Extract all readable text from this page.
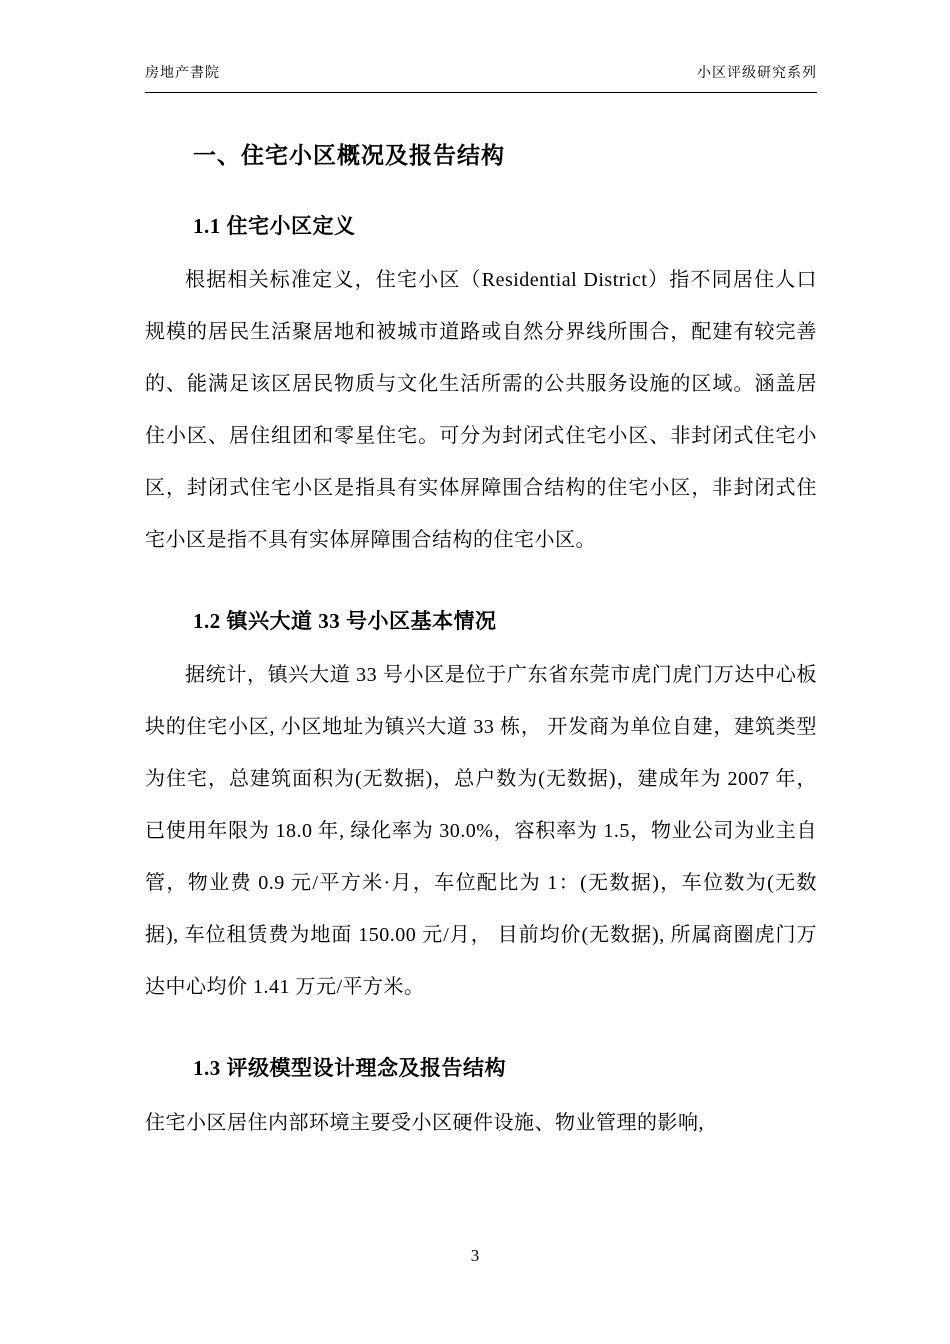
房地产書院	小区评级研究系列
一、住宅小区概况及报告结构
1.1 住宅小区定义

根据相关标准定义，住宅小区（Residential District）指不同居住人口规模的居民生活聚居地和被城市道路或自然分界线所围合，配建有较完善的、能满足该区居民物质与文化生活所需的公共服务设施的区域。涵盖居住小区、居住组团和零星住宅。可分为封闭式住宅小区、非封闭式住宅小区，封闭式住宅小区是指具有实体屏障围合结构的住宅小区，非封闭式住宅小区是指不具有实体屏障围合结构的住宅小区。

1.2 镇兴大道 33 号小区基本情况

据统计，镇兴大道 33 号小区是位于广东省东莞市虎门虎门万达中心板块的住宅小区, 小区地址为镇兴大道 33 栋， 开发商为单位自建，建筑类型为住宅，总建筑面积为(无数据)，总户数为(无数据)，建成年为 2007 年，已使用年限为 18.0 年, 绿化率为 30.0%，容积率为 1.5，物业公司为业主自管，物业费 0.9 元/平方米·月，车位配比为 1：(无数据)，车位数为(无数据), 车位租赁费为地面 150.00 元/月， 目前均价(无数据), 所属商圈虎门万达中心均价 1.41 万元/平方米。

1.3 评级模型设计理念及报告结构

住宅小区居住内部环境主要受小区硬件设施、物业管理的影响,

3
